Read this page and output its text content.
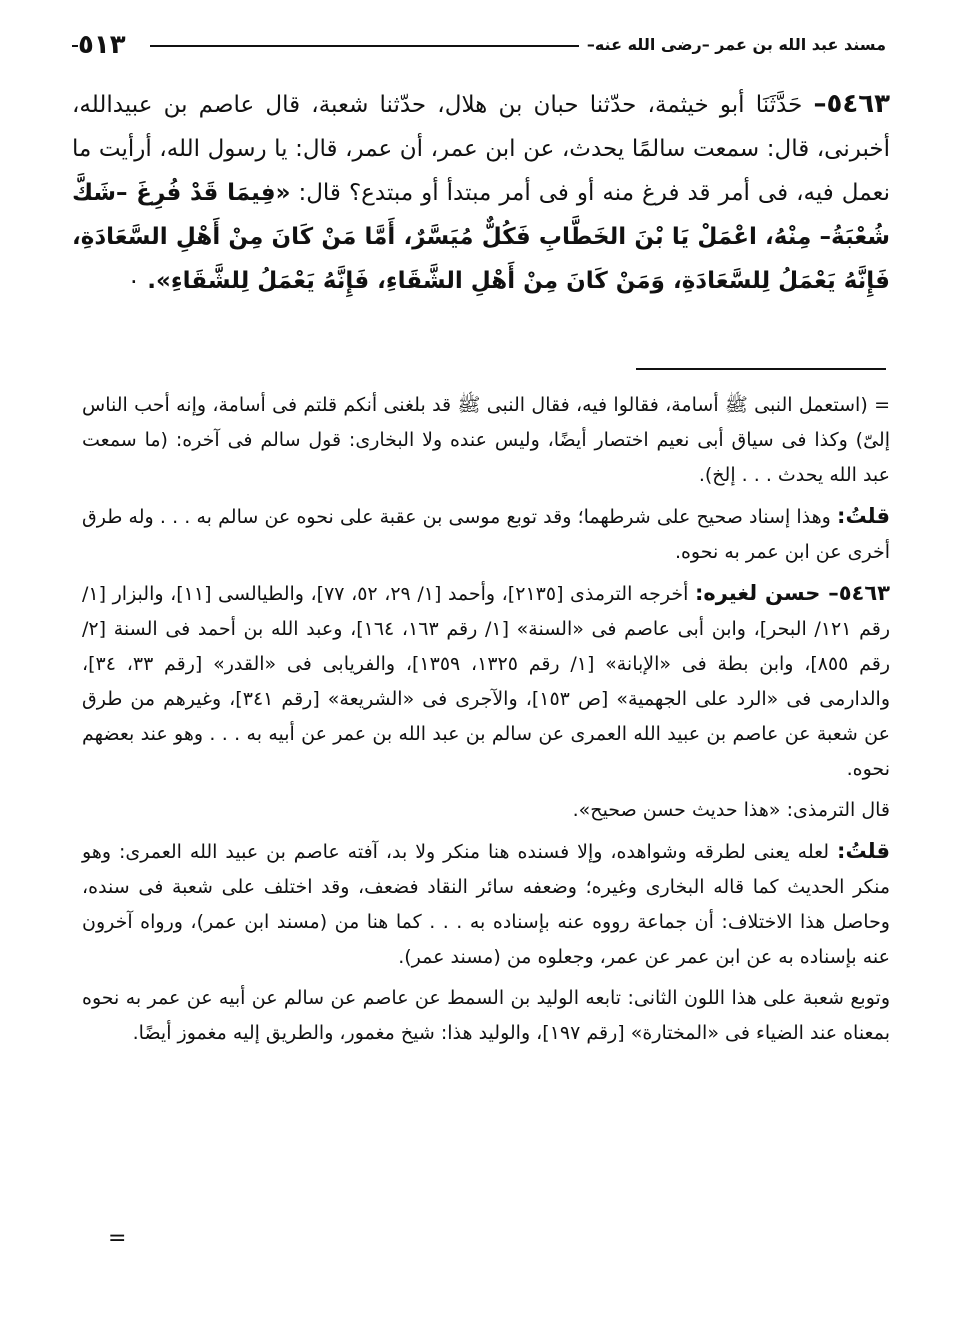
مسند عبد الله بن عمر –رضى الله عنه–
٥١٣
٥٤٦٣– حَدَّثَنَا أبو خيثمة، حدّثنا حبان بن هلال، حدّثنا شعبة، قال عاصم بن عبيدالله، أخبرنى، قال: سمعت سالمًا يحدث، عن ابن عمر، أن عمر، قال: يا رسول الله، أرأيت ما نعمل فيه، فى أمر قد فرغ منه أو فى أمر مبتدأ أو مبتدع؟ قال: «فِيمَا قَدْ فُرِغَ –شَكَّ شُعْبَةُ– مِنْهُ، اعْمَلْ يَا بْنَ الخَطَّابِ فَكُلٌّ مُيَسَّرٌ، أَمَّا مَنْ كَانَ مِنْ أَهْلِ السَّعَادَةِ، فَإِنَّهُ يَعْمَلُ لِلسَّعَادَةِ، وَمَنْ كَانَ مِنْ أَهْلِ الشَّقَاءِ، فَإِنَّهُ يَعْمَلُ لِلشَّقَاءِ». ٠

= (استعمل النبى ﷺ أسامة، فقالوا فيه، فقال النبى ﷺ قد بلغنى أنكم قلتم فى أسامة، وإنه أحب الناس إلىّ) وكذا فى سياق أبى نعيم اختصار أيضًا، وليس عنده ولا البخارى: قول سالم فى آخره: (ما سمعت عبد الله يحدث . . . إلخ).

قلتُ: وهذا إسناد صحيح على شرطهما؛ وقد توبع موسى بن عقبة على نحوه عن سالم به . . . وله طرق أخرى عن ابن عمر به نحوه.

٥٤٦٣– حسن لغيره: أخرجه الترمذى [٢١٣٥]، وأحمد [١/ ٢٩، ٥٢، ٧٧]، والطيالسى [١١]، والبزار [١/ رقم ١٢١/ البحر]، وابن أبى عاصم فى «السنة» [١/ رقم ١٦٣، ١٦٤]، وعبد الله بن أحمد فى السنة [٢/ رقم ٨٥٥]، وابن بطة فى «الإبانة» [١/ رقم ١٣٢٥، ١٣٥٩]، والفريابى فى «القدر» [رقم ٣٣، ٣٤]، والدارمى فى «الرد على الجهمية» [ص ١٥٣]، والآجرى فى «الشريعة» [رقم ٣٤١]، وغيرهم من طرق عن شعبة عن عاصم بن عبيد الله العمرى عن سالم بن عبد الله بن عمر عن أبيه به . . . وهو عند بعضهم نحوه.

قال الترمذى: «هذا حديث حسن صحيح».

قلتُ: لعله يعنى لطرقه وشواهده، وإلا فسنده هنا منكر ولا بد، آفته عاصم بن عبيد الله العمرى: وهو منكر الحديث كما قاله البخارى وغيره؛ وضعفه سائر النقاد فضعف، وقد اختلف على شعبة فى سنده، وحاصل هذا الاختلاف: أن جماعة رووه عنه بإسناده به . . . كما هنا من (مسند ابن عمر)، ورواه آخرون عنه بإسناده به عن ابن عمر عن عمر، وجعلوه من (مسند عمر).

وتوبع شعبة على هذا اللون الثانى: تابعه الوليد بن السمط عن عاصم عن سالم عن أبيه عن عمر به نحوه بمعناه عند الضياء فى «المختارة» [رقم ١٩٧]، والوليد هذا: شيخ مغمور، والطريق إليه مغموز أيضًا.

=
